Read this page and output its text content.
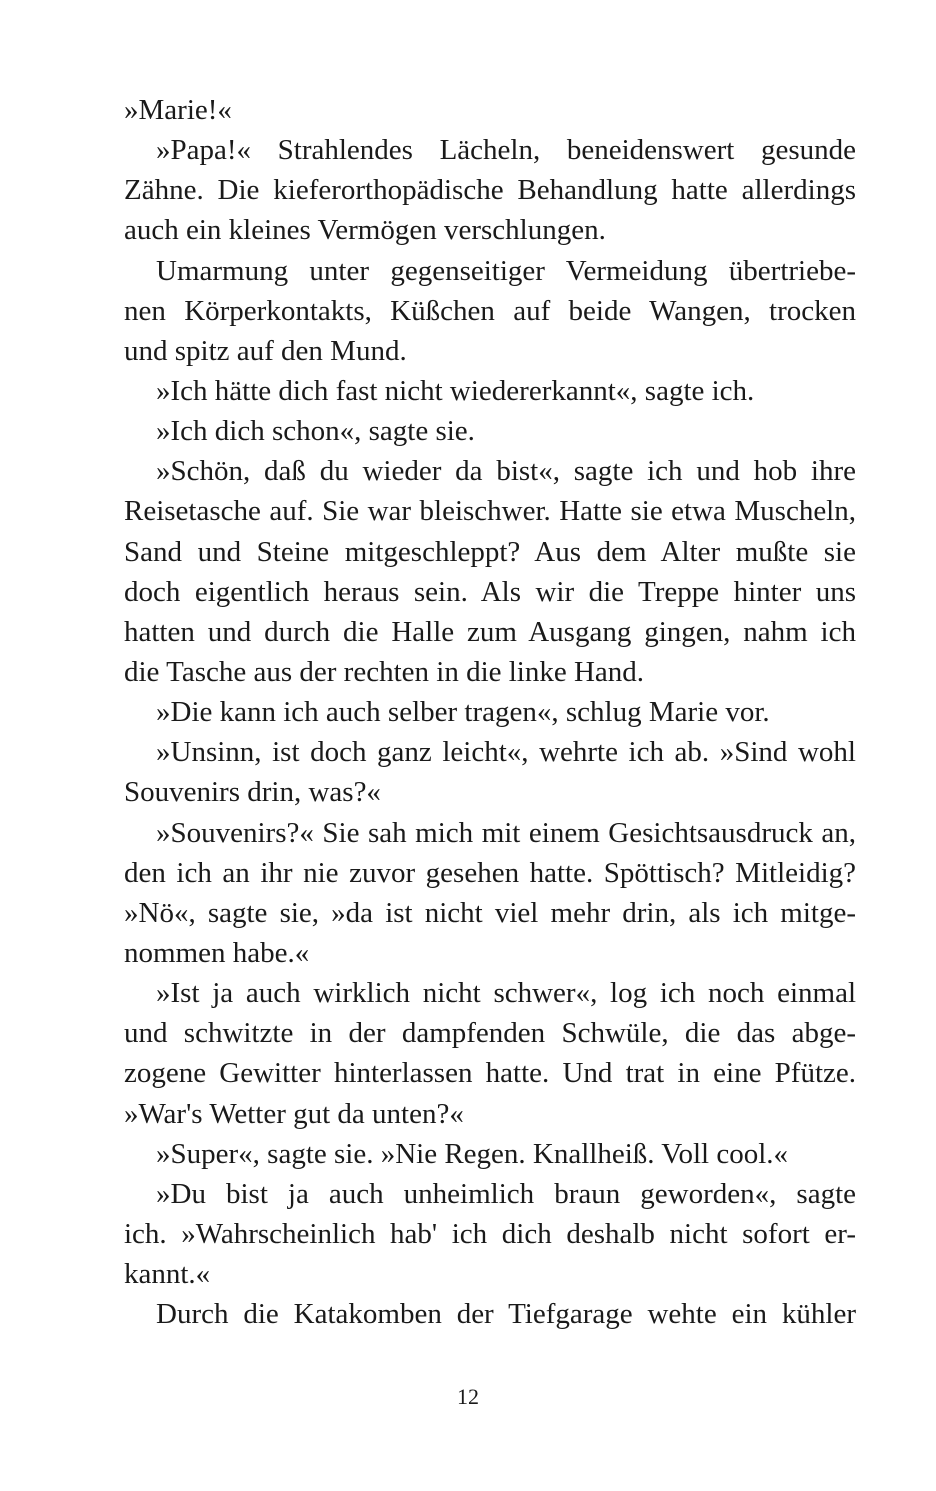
»Marie!«
»Papa!« Strahlendes Lächeln, beneidenswert gesunde
Zähne. Die kieferorthopädische Behandlung hatte allerdings
auch ein kleines Vermögen verschlungen.
Umarmung unter gegenseitiger Vermeidung übertriebe-
nen Körperkontakts, Küßchen auf beide Wangen, trocken
und spitz auf den Mund.
»Ich hätte dich fast nicht wiedererkannt«, sagte ich.
»Ich dich schon«, sagte sie.
»Schön, daß du wieder da bist«, sagte ich und hob ihre
Reisetasche auf. Sie war bleischwer. Hatte sie etwa Muscheln,
Sand und Steine mitgeschleppt? Aus dem Alter mußte sie
doch eigentlich heraus sein. Als wir die Treppe hinter uns
hatten und durch die Halle zum Ausgang gingen, nahm ich
die Tasche aus der rechten in die linke Hand.
»Die kann ich auch selber tragen«, schlug Marie vor.
»Unsinn, ist doch ganz leicht«, wehrte ich ab. »Sind wohl
Souvenirs drin, was?«
»Souvenirs?« Sie sah mich mit einem Gesichtsausdruck an,
den ich an ihr nie zuvor gesehen hatte. Spöttisch? Mitleidig?
»Nö«, sagte sie, »da ist nicht viel mehr drin, als ich mitge-
nommen habe.«
»Ist ja auch wirklich nicht schwer«, log ich noch einmal
und schwitzte in der dampfenden Schwüle, die das abge-
zogene Gewitter hinterlassen hatte. Und trat in eine Pfütze.
»War's Wetter gut da unten?«
»Super«, sagte sie. »Nie Regen. Knallheiß. Voll cool.«
»Du bist ja auch unheimlich braun geworden«, sagte
ich. »Wahrscheinlich hab' ich dich deshalb nicht sofort er-
kannt.«
Durch die Katakomben der Tiefgarage wehte ein kühler
12
